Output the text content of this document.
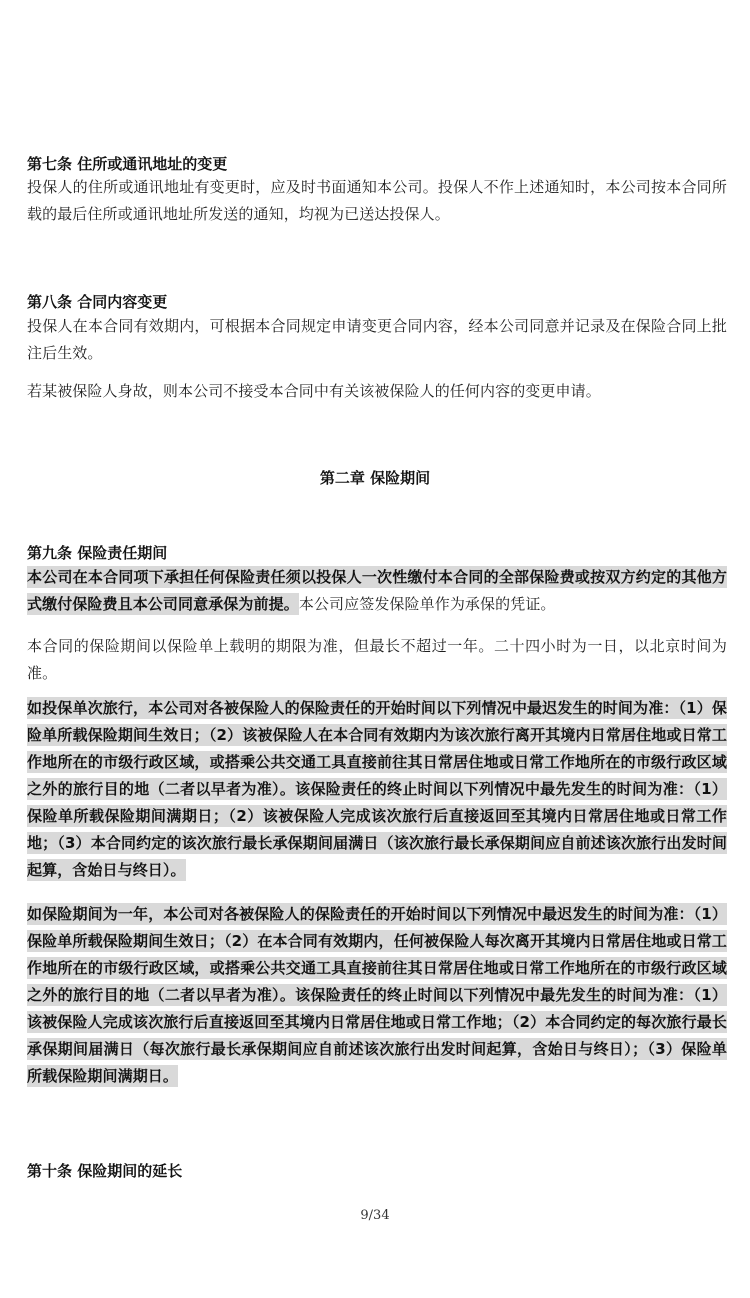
第七条 住所或通讯地址的变更

投保人的住所或通讯地址有变更时，应及时书面通知本公司。投保人不作上述通知时，本公司按本合同所载的最后住所或通讯地址所发送的通知，均视为已送达投保人。

第八条 合同内容变更

投保人在本合同有效期内，可根据本合同规定申请变更合同内容，经本公司同意并记录及在保险合同上批注后生效。

若某被保险人身故，则本公司不接受本合同中有关该被保险人的任何内容的变更申请。

第二章 保险期间
第九条 保险责任期间

本公司在本合同项下承担任何保险责任须以投保人一次性缴付本合同的全部保险费或按双方约定的其他方式缴付保险费且本公司同意承保为前提。本公司应签发保险单作为承保的凭证。

本合同的保险期间以保险单上载明的期限为准，但最长不超过一年。二十四小时为一日，以北京时间为准。

如投保单次旅行，本公司对各被保险人的保险责任的开始时间以下列情况中最迟发生的时间为准：（1）保险单所载保险期间生效日；（2）该被保险人在本合同有效期内为该次旅行离开其境内日常居住地或日常工作地所在的市级行政区域，或搭乘公共交通工具直接前往其日常居住地或日常工作地所在的市级行政区域之外的旅行目的地（二者以早者为准）。该保险责任的终止时间以下列情况中最先发生的时间为准：（1）保险单所载保险期间满期日；（2）该被保险人完成该次旅行后直接返回至其境内日常居住地或日常工作地；（3）本合同约定的该次旅行最长承保期间届满日（该次旅行最长承保期间应自前述该次旅行出发时间起算，含始日与终日）。

如保险期间为一年，本公司对各被保险人的保险责任的开始时间以下列情况中最迟发生的时间为准：（1）保险单所载保险期间生效日；（2）在本合同有效期内，任何被保险人每次离开其境内日常居住地或日常工作地所在的市级行政区域，或搭乘公共交通工具直接前往其日常居住地或日常工作地所在的市级行政区域之外的旅行目的地（二者以早者为准）。该保险责任的终止时间以下列情况中最先发生的时间为准：（1）该被保险人完成该次旅行后直接返回至其境内日常居住地或日常工作地；（2）本合同约定的每次旅行最长承保期间届满日（每次旅行最长承保期间应自前述该次旅行出发时间起算，含始日与终日）；（3）保险单所载保险期间满期日。

第十条 保险期间的延长
9/34
